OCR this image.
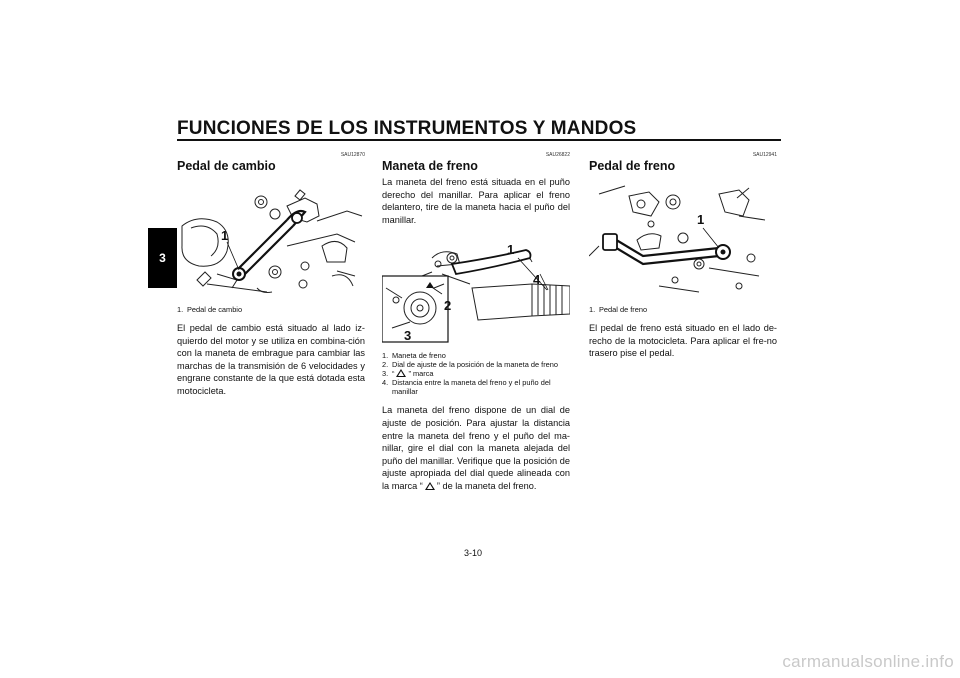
FUNCIONES DE LOS INSTRUMENTOS Y MANDOS
3
SAU12870
Pedal de cambio
1
1. Pedal de cambio

El pedal de cambio está situado al lado iz-quierdo del motor y se utiliza en combina-ción con la maneta de embrague para cambiar las marchas de la transmisión de 6 velocidades y engrane constante de la que está dotada esta motocicleta.

SAU26822
Maneta de freno

La maneta del freno está situada en el puño derecho del manillar. Para aplicar el freno delantero, tire de la maneta hacia el puño del manillar.

1
2
3
4
1. Maneta de freno
2. Dial de ajuste de la posición de la maneta de freno
3. “ ” marca
4. Distancia entre la maneta del freno y el puño del manillar

La maneta del freno dispone de un dial de ajuste de posición. Para ajustar la distancia entre la maneta del freno y el puño del ma-nillar, gire el dial con la maneta alejada del puño del manillar. Verifique que la posición de ajuste apropiada del dial quede alineada con la marca “ ” de la maneta del freno.

SAU12941
Pedal de freno
1
1. Pedal de freno

El pedal de freno está situado en el lado de-recho de la motocicleta. Para aplicar el fre-no trasero pise el pedal.

3-10
carmanualsonline.info
